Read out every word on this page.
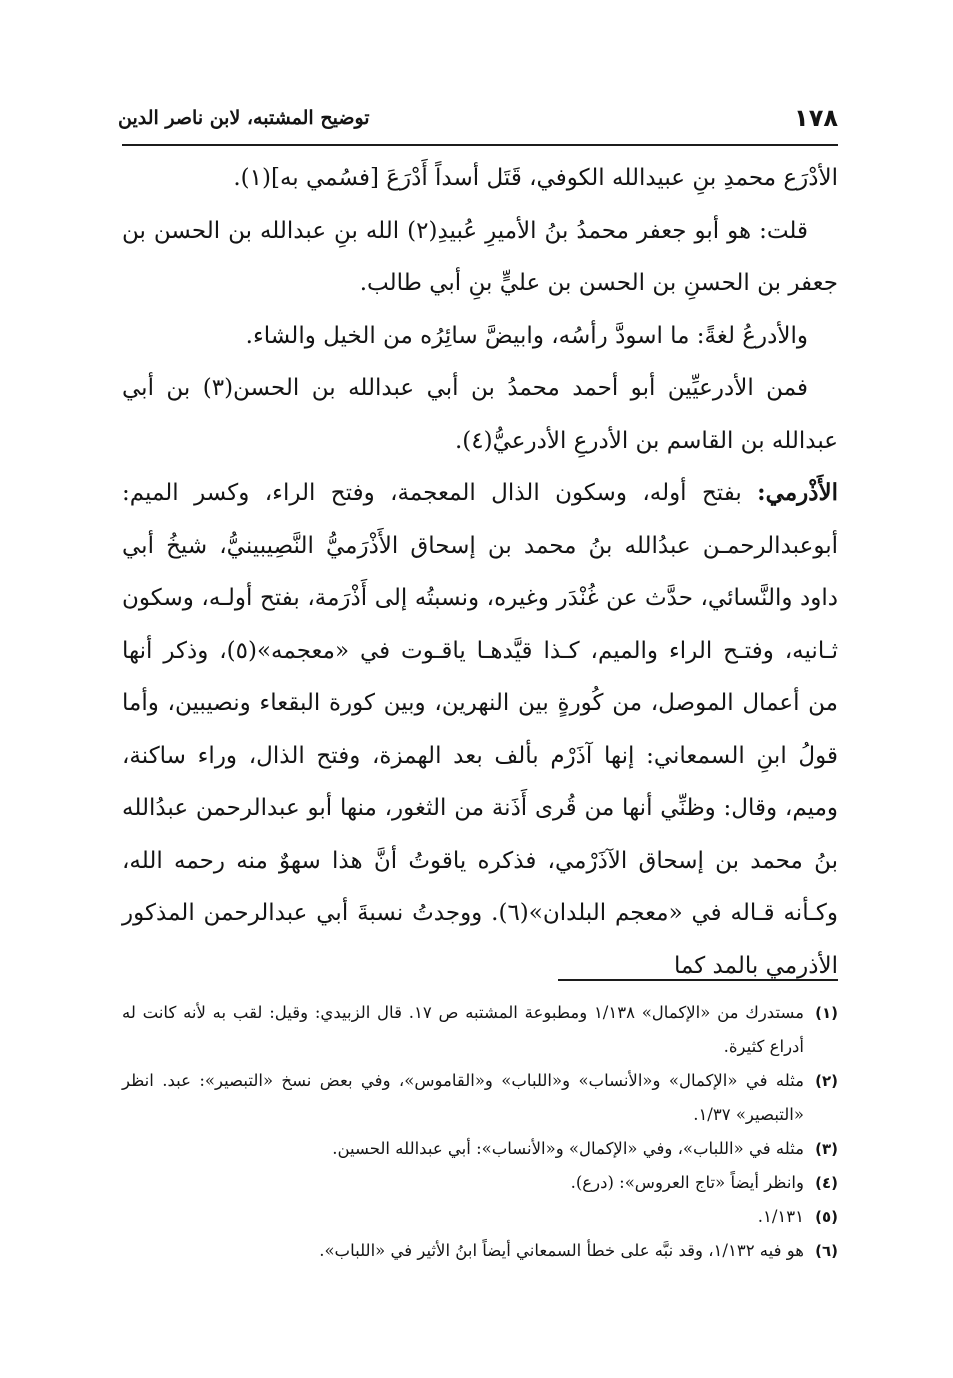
١٧٨
توضيح المشتبه، لابن ناصر الدين

الأدْرَع محمدِ بنِ عبيدالله الكوفي، قَتَل أسداً أَدْرَعَ [فسُمي به](١).

قلت: هو أبو جعفر محمدُ بنُ الأميرِ عُبيدِ(٢) الله بنِ عبدالله بن الحسن بن جعفر بن الحسنِ بن الحسن بن عليٍّ بنِ أبي طالب.

والأدرعُ لغةً: ما اسودَّ رأسُه، وابيضَّ سائِرُه من الخيل والشاء.

فمن الأدرعيِّين أبو أحمد محمدُ بن أبي عبدالله بن الحسن(٣) بن أبي عبدالله بن القاسم بن الأدرعِ الأدرعيُّ(٤).

الأَذْرمي: بفتح أوله، وسكون الذال المعجمة، وفتح الراء، وكسر الميم: أبوعبدالرحمـن عبدُالله بنُ محمد بن إسحاق الأَذْرَميُّ النَّصِيبينيُّ، شيخُ أبي داود والنَّسائي، حدَّث عن غُنْدَر وغيره، ونسبتُه إلى أَذْرَمة، بفتح أولـه، وسكون ثـانيه، وفتـح الراء والميم، كـذا قيَّدهـا ياقـوت في «معجمه»(٥)، وذكر أنها من أعمال الموصل، من كُورةٍ بين النهرين، وبين كورة البقعاء ونصيبين، وأما قولُ ابنِ السمعاني: إنها آذَرْم بألف بعد الهمزة، وفتح الذال، وراء ساكنة، وميم، وقال: وظنِّي أنها من قُرى أَذَنة من الثغور، منها أبو عبدالرحمن عبدُالله بنُ محمد بن إسحاق الآذَرْمي، فذكره ياقوتُ أنَّ هذا سهوٌ منه رحمه الله، وكـأنه قـاله في «معجم البلدان»(٦). ووجدتُ نسبةَ أبي عبدالرحمن المذكور الأذرمي بالمد كما

(١)
مستدرك من «الإكمال» ١/١٣٨ ومطبوعة المشتبه ص ١٧. قال الزبيدي: وقيل: لقب به لأنه كانت له أدراع كثيرة.
(٢)
مثله في «الإكمال» و«الأنساب» و«اللباب» و«القاموس»، وفي بعض نسخ «التبصير»: عبد. انظر «التبصير» ١/٣٧.
(٣)
مثله في «اللباب»، وفي «الإكمال» و«الأنساب»: أبي عبدالله الحسين.
(٤)
وانظر أيضاً «تاج العروس»: (درع).
(٥)
١/١٣١.
(٦)
هو فيه ١/١٣٢، وقد نبَّه على خطأ السمعاني أيضاً ابنُ الأثير في «اللباب».
